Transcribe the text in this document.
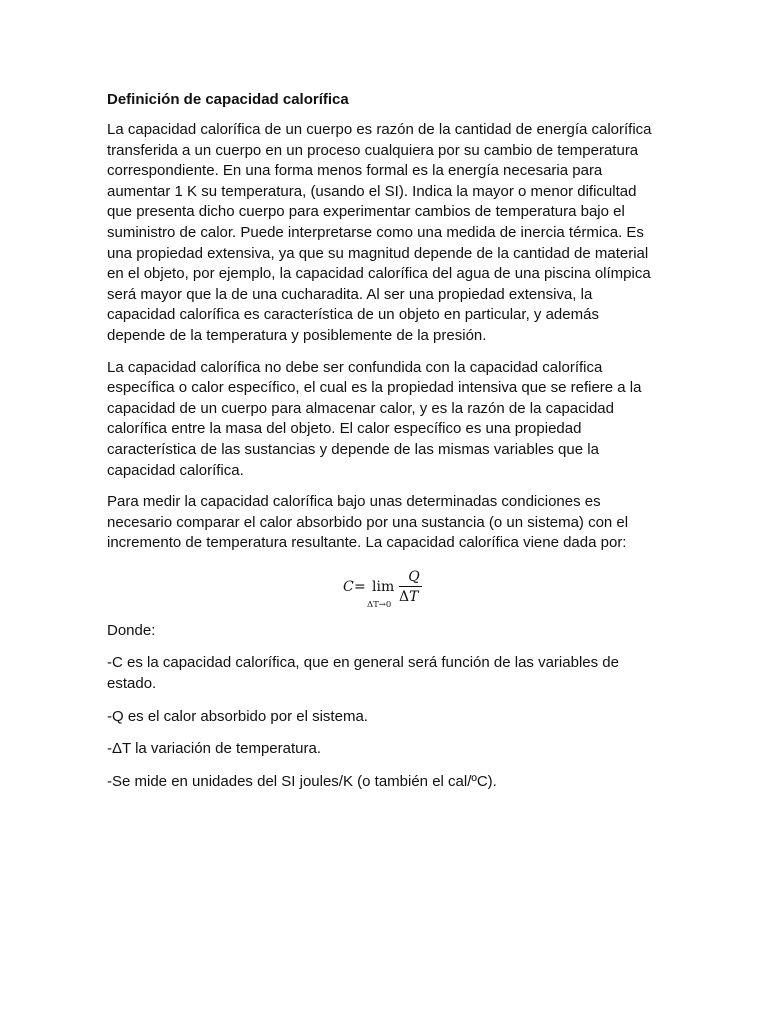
Definición de capacidad calorífica
La capacidad calorífica de un cuerpo es razón de la cantidad de energía calorífica
transferida a un cuerpo en un proceso cualquiera por su cambio de temperatura
correspondiente. En una forma menos formal es la energía necesaria para
aumentar 1 K su temperatura, (usando el SI). Indica la mayor o menor dificultad
que presenta dicho cuerpo para experimentar cambios de temperatura bajo el
suministro de calor. Puede interpretarse como una medida de inercia térmica. Es
una propiedad extensiva, ya que su magnitud depende de la cantidad de material
en el objeto, por ejemplo, la capacidad calorífica del agua de una piscina olímpica
será mayor que la de una cucharadita. Al ser una propiedad extensiva, la
capacidad calorífica es característica de un objeto en particular, y además
depende de la temperatura y posiblemente de la presión.
La capacidad calorífica no debe ser confundida con la capacidad calorífica
específica o calor específico, el cual es la propiedad intensiva que se refiere a la
capacidad de un cuerpo para almacenar calor, y es la razón de la capacidad
calorífica entre la masa del objeto. El calor específico es una propiedad
característica de las sustancias y depende de las mismas variables que la
capacidad calorífica.
Para medir la capacidad calorífica bajo unas determinadas condiciones es
necesario comparar el calor absorbido por una sustancia (o un sistema) con el
incremento de temperatura resultante. La capacidad calorífica viene dada por:
C = lim
ΔT→0
Q
ΔT
Donde:
-C es la capacidad calorífica, que en general será función de las variables de
estado.
-Q es el calor absorbido por el sistema.
-ΔT la variación de temperatura.
-Se mide en unidades del SI joules/K (o también el cal/ºC).
